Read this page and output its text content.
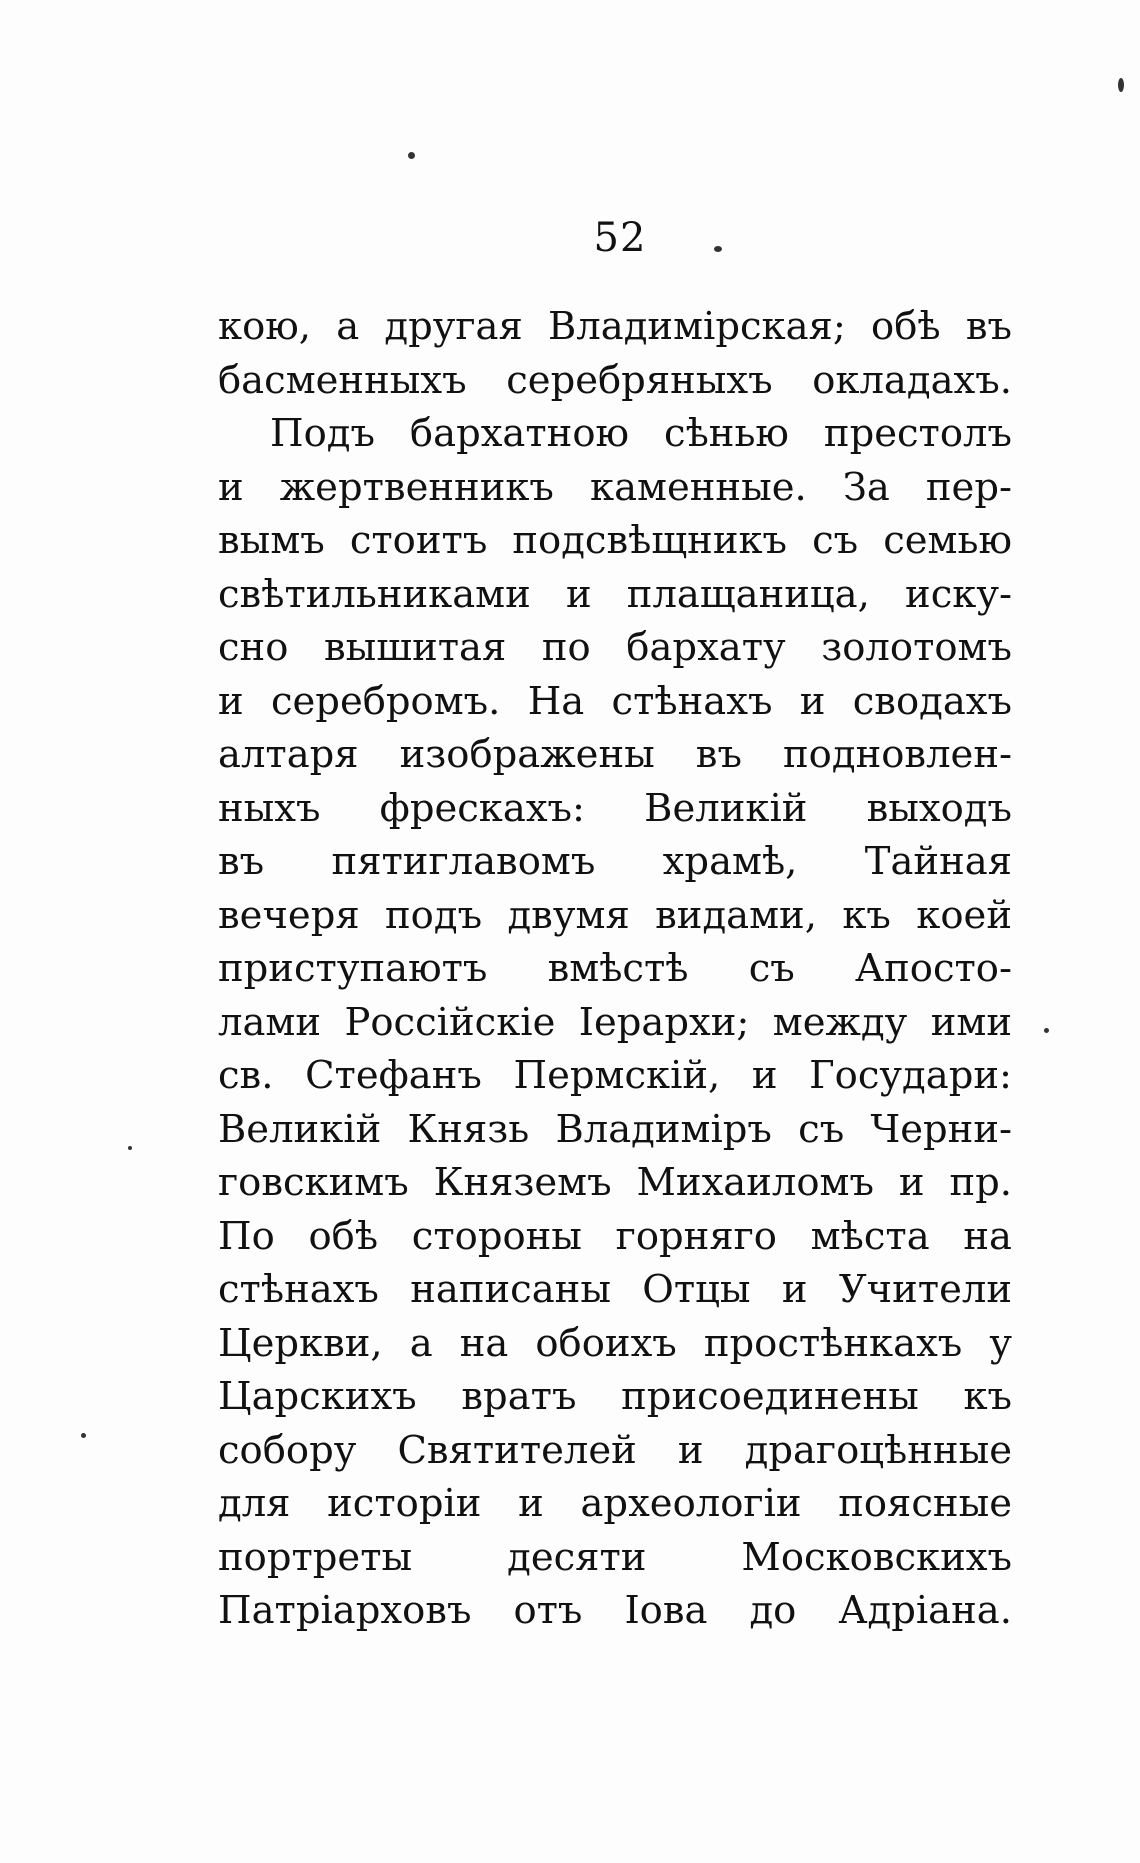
52
кою, а другая Владимірская; обѣ въ
басменныхъ серебряныхъ окладахъ.
Подъ бархатною сѣнью престолъ
и жертвенникъ каменные. За пер-
вымъ стоитъ подсвѣщникъ съ семью
свѣтильниками и плащаница, иску-
сно вышитая по бархату золотомъ
и серебромъ. На стѣнахъ и сводахъ
алтаря изображены въ подновлен-
ныхъ фрескахъ: Великій выходъ
въ пятиглавомъ храмѣ, Тайная
вечеря подъ двумя видами, къ коей
приступаютъ вмѣстѣ съ Апосто-
лами Россійскіе Іерархи; между ими
св. Стефанъ Пермскій, и Государи:
Великій Князь Владиміръ съ Черни-
говскимъ Княземъ Михаиломъ и пр.
По обѣ стороны горняго мѣста на
стѣнахъ написаны Отцы и Учители
Церкви, а на обоихъ простѣнкахъ у
Царскихъ вратъ присоединены къ
собору Святителей и драгоцѣнные
для исторіи и археологіи поясные
портреты десяти Московскихъ
Патріарховъ отъ Іова до Адріана.
